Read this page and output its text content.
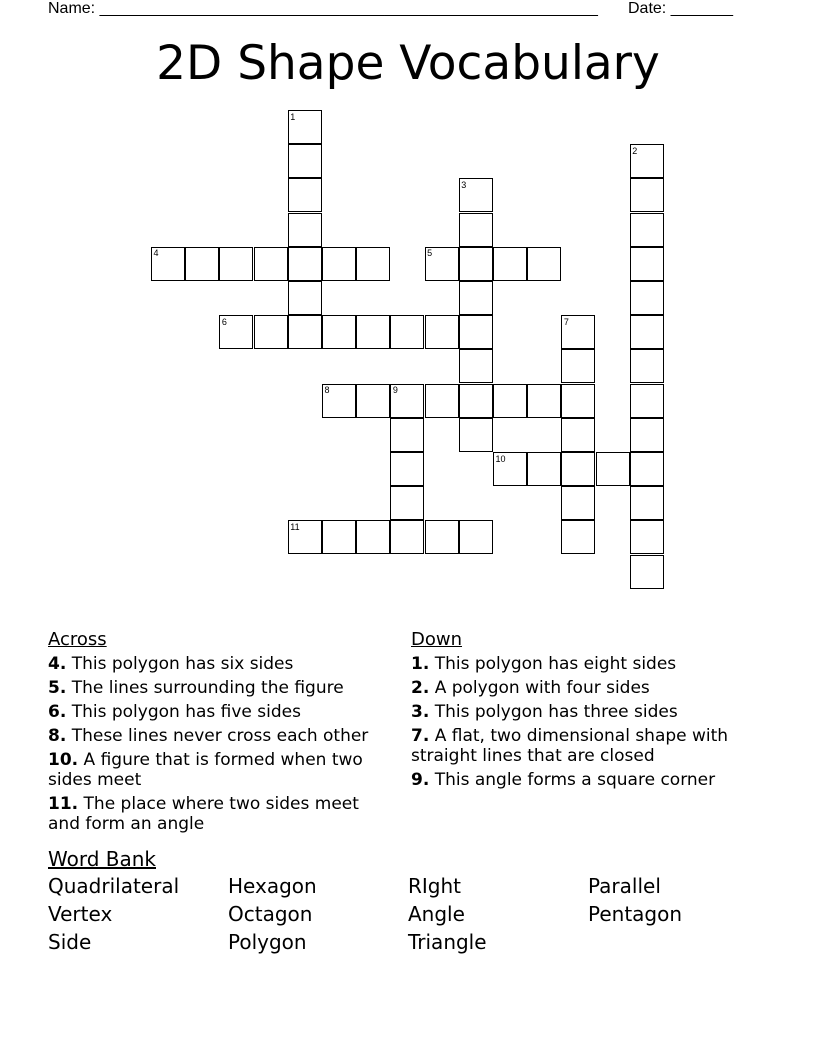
Name: ________________________________________________________ Date: _______
2D Shape Vocabulary
1
2
3
4	5
6	7
8	9
10
11
Across
4. This polygon has six sides
5. The lines surrounding the figure
6. This polygon has five sides
8. These lines never cross each other
10. A figure that is formed when two sides meet
11. The place where two sides meet and form an angle
Down
1. This polygon has eight sides
2. A polygon with four sides
3. This polygon has three sides
7. A flat, two dimensional shape with straight lines that are closed
9. This angle forms a square corner
Word Bank
Quadrilateral	Hexagon	RIght	Parallel
Vertex	Octagon	Angle	Pentagon
Side	Polygon	Triangle
